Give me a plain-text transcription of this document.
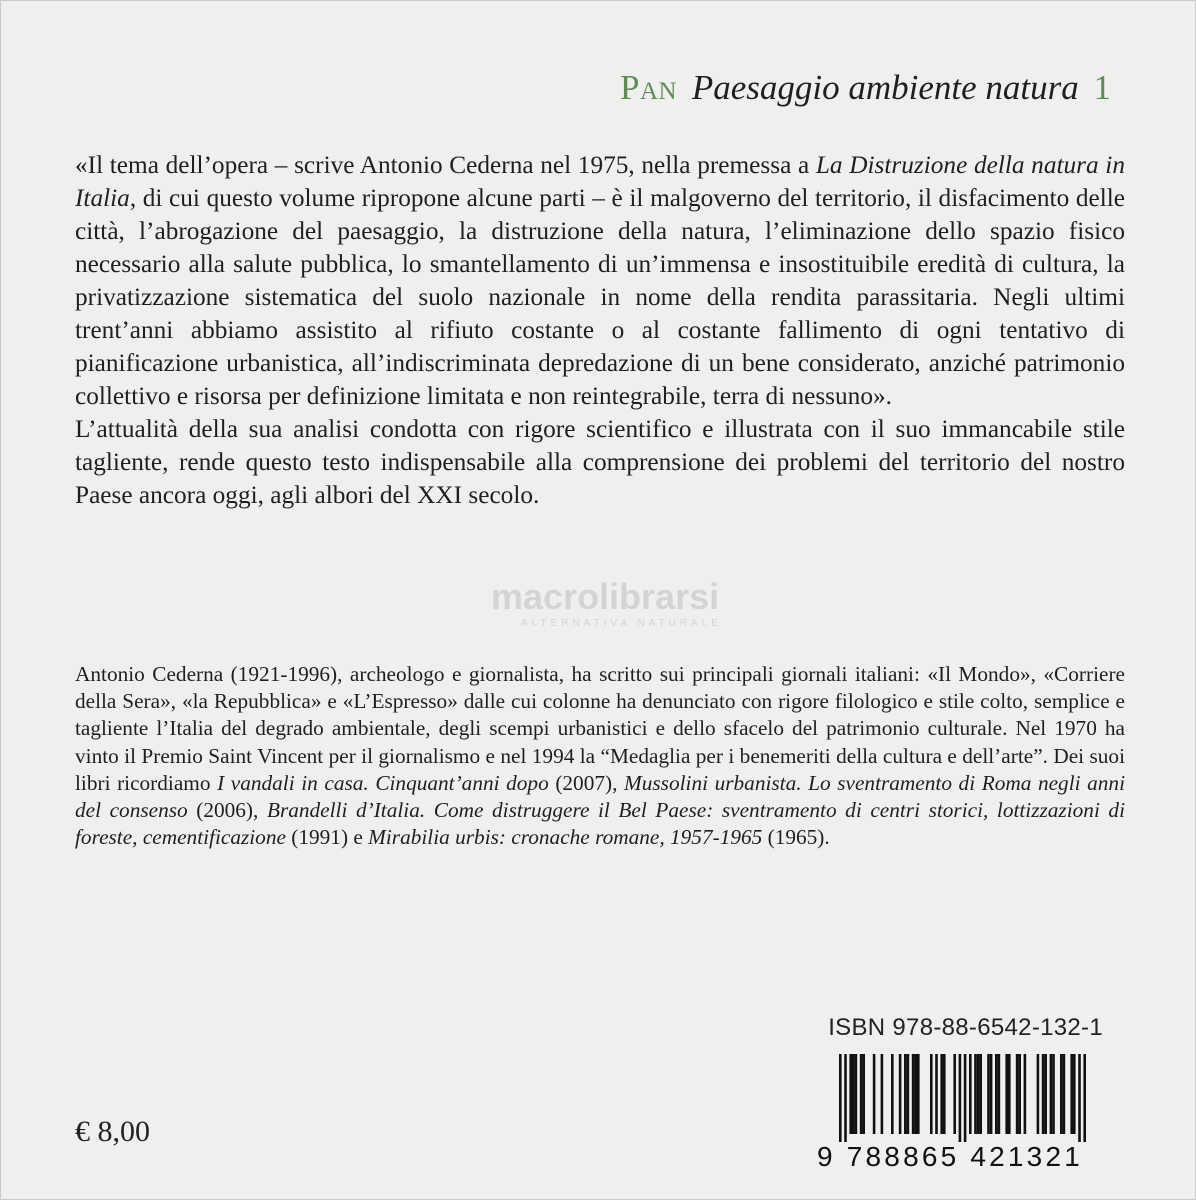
Pan Paesaggio ambiente natura 1

«Il tema dell’opera – scrive Antonio Cederna nel 1975, nella premessa a La Distruzione della natura in Italia, di cui questo volume ripropone alcune parti – è il malgoverno del territorio, il disfacimento delle città, l’abrogazione del paesaggio, la distruzione della natura, l’eliminazione dello spazio fisico necessario alla salute pubblica, lo smantellamento di un’immensa e insostituibile eredità di cultura, la privatizzazione sistematica del suolo nazionale in nome della rendita parassitaria. Negli ultimi trent’anni abbiamo assistito al rifiuto costante o al costante fallimento di ogni tentativo di pianificazione urbanistica, all’indiscriminata depredazione di un bene considerato, anziché patrimonio collettivo e risorsa per definizione limitata e non reintegrabile, terra di nessuno».

L’attualità della sua analisi condotta con rigore scientifico e illustrata con il suo immancabile stile tagliente, rende questo testo indispensabile alla comprensione dei problemi del territorio del nostro Paese ancora oggi, agli albori del XXI secolo.

macrolibrarsi
ALTERNATIVA NATURALE

Antonio Cederna (1921-1996), archeologo e giornalista, ha scritto sui principali giornali italiani: «Il Mondo», «Corriere della Sera», «la Repubblica» e «L’Espresso» dalle cui colonne ha denunciato con rigore filologico e stile colto, semplice e tagliente l’Italia del degrado ambientale, degli scempi urbanistici e dello sfacelo del patrimonio culturale. Nel 1970 ha vinto il Premio Saint Vincent per il giornalismo e nel 1994 la “Medaglia per i benemeriti della cultura e dell’arte”. Dei suoi libri ricordiamo I vandali in casa. Cinquant’anni dopo (2007), Mussolini urbanista. Lo sventramento di Roma negli anni del consenso (2006), Brandelli d’Italia. Come distruggere il Bel Paese: sventramento di centri storici, lottizzazioni di foreste, cementificazione (1991) e Mirabilia urbis: cronache romane, 1957-1965 (1965).

ISBN 978-88-6542-132-1
9 788865 421321
€ 8,00
